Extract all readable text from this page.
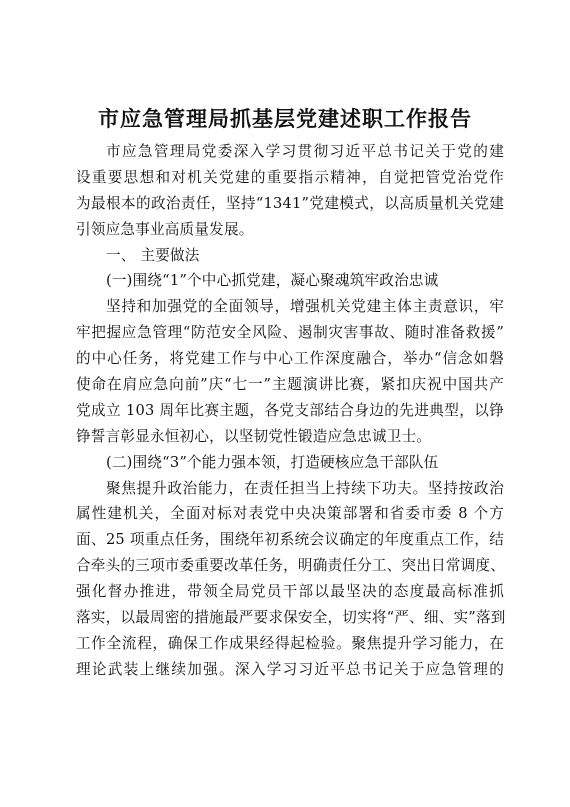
市应急管理局抓基层党建述职工作报告
市应急管理局党委深入学习贯彻习近平总书记关于党的建
设重要思想和对机关党建的重要指示精神，自觉把管党治党作
为最根本的政治责任，坚持“1341”党建模式，以高质量机关党建
引领应急事业高质量发展。
一、 主要做法
(一)围绕“1”个中心抓党建，凝心聚魂筑牢政治忠诚
坚持和加强党的全面领导，增强机关党建主体主责意识，牢
牢把握应急管理“防范安全风险、遏制灾害事故、随时准备救援”
的中心任务，将党建工作与中心工作深度融合，举办“信念如磐
使命在肩应急向前”庆“七一”主题演讲比赛，紧扣庆祝中国共产
党成立 103 周年比赛主题，各党支部结合身边的先进典型，以铮
铮誓言彰显永恒初心，以坚韧党性锻造应急忠诚卫士。
(二)围绕“3”个能力强本领，打造硬核应急干部队伍
聚焦提升政治能力，在责任担当上持续下功夫。坚持按政治
属性建机关，全面对标对表党中央决策部署和省委市委 8 个方
面、25 项重点任务，围绕年初系统会议确定的年度重点工作，结
合牵头的三项市委重要改革任务，明确责任分工、突出日常调度、
强化督办推进，带领全局党员干部以最坚决的态度最高标准抓
落实，以最周密的措施最严要求保安全，切实将“严、细、实”落到
工作全流程，确保工作成果经得起检验。聚焦提升学习能力，在
理论武装上继续加强。深入学习习近平总书记关于应急管理的
